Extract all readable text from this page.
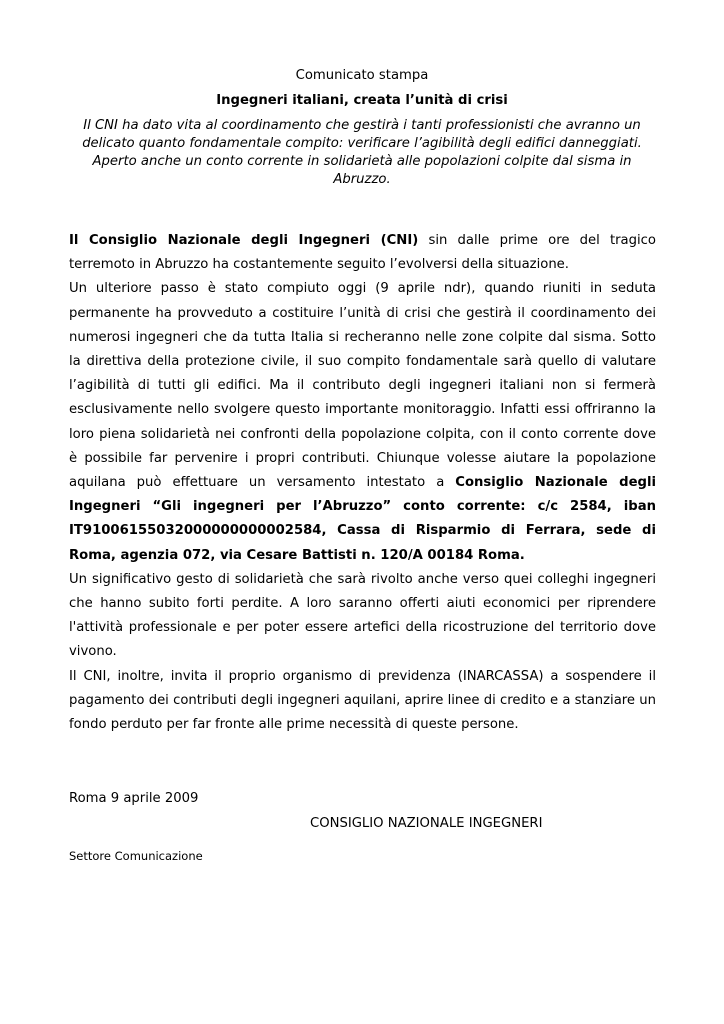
Comunicato stampa
Ingegneri italiani, creata l’unità di crisi
Il CNI ha dato vita al coordinamento che gestirà i tanti professionisti che avranno un delicato quanto fondamentale compito: verificare l’agibilità degli edifici danneggiati. Aperto anche un conto corrente in solidarietà alle popolazioni colpite dal sisma in Abruzzo.

Il Consiglio Nazionale degli Ingegneri (CNI) sin dalle prime ore del tragico terremoto in Abruzzo ha costantemente seguito l’evolversi della situazione.

Un ulteriore passo è stato compiuto oggi (9 aprile ndr), quando riuniti in seduta permanente ha provveduto a costituire l’unità di crisi che gestirà il coordinamento dei numerosi ingegneri che da tutta Italia si recheranno nelle zone colpite dal sisma. Sotto la direttiva della protezione civile, il suo compito fondamentale sarà quello di valutare l’agibilità di tutti gli edifici. Ma il contributo degli ingegneri italiani non si fermerà esclusivamente nello svolgere questo importante monitoraggio. Infatti essi offriranno la loro piena solidarietà nei confronti della popolazione colpita, con il conto corrente dove è possibile far pervenire i propri contributi. Chiunque volesse aiutare la popolazione aquilana può effettuare un versamento intestato a Consiglio Nazionale degli Ingegneri “Gli ingegneri per l’Abruzzo” conto corrente: c/c 2584, iban IT91006155032000000000002584, Cassa di Risparmio di Ferrara, sede di Roma, agenzia 072, via Cesare Battisti n. 120/A 00184 Roma.

Un significativo gesto di solidarietà che sarà rivolto anche verso quei colleghi ingegneri che hanno subito forti perdite. A loro saranno offerti aiuti economici per riprendere l'attività professionale e per poter essere artefici della ricostruzione del territorio dove vivono.

Il CNI, inoltre, invita il proprio organismo di previdenza (INARCASSA) a sospendere il pagamento dei contributi degli ingegneri aquilani, aprire linee di credito e a stanziare un fondo perduto per far fronte alle prime necessità di queste persone.

Roma 9 aprile 2009
CONSIGLIO NAZIONALE INGEGNERI
Settore Comunicazione
